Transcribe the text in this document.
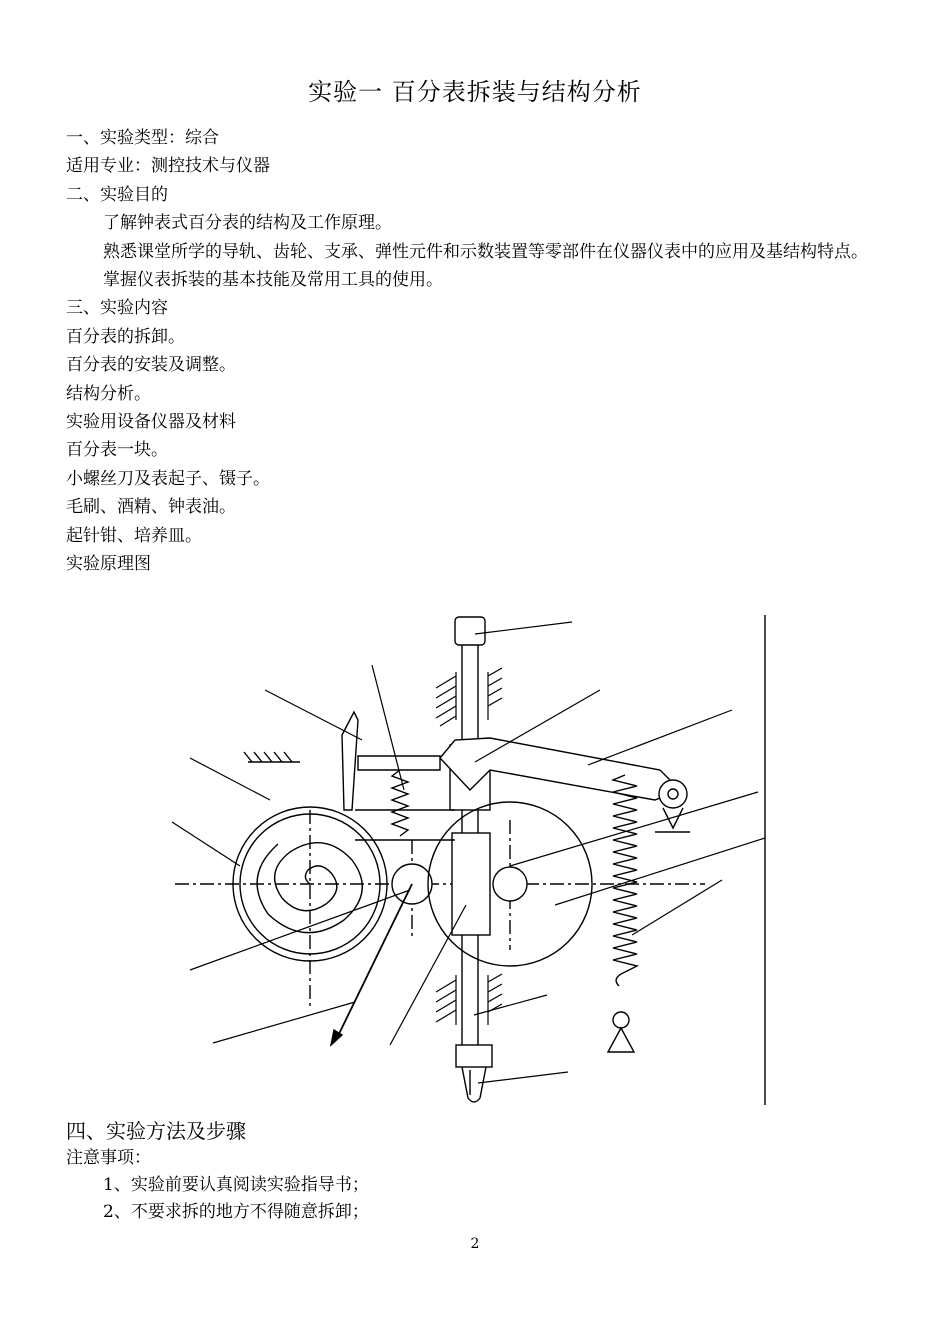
实验一 百分表拆装与结构分析

一、实验类型：综合

适用专业：测控技术与仪器

二、实验目的

了解钟表式百分表的结构及工作原理。

熟悉课堂所学的导轨、齿轮、支承、弹性元件和示数装置等零部件在仪器仪表中的应用及基结构特点。

掌握仪表拆装的基本技能及常用工具的使用。

三、实验内容

百分表的拆卸。

百分表的安装及调整。

结构分析。

实验用设备仪器及材料

百分表一块。

小螺丝刀及表起子、镊子。

毛刷、酒精、钟表油。

起针钳、培养皿。

实验原理图

四、实验方法及步骤

注意事项：

1、实验前要认真阅读实验指导书；

2、不要求拆的地方不得随意拆卸；

2
